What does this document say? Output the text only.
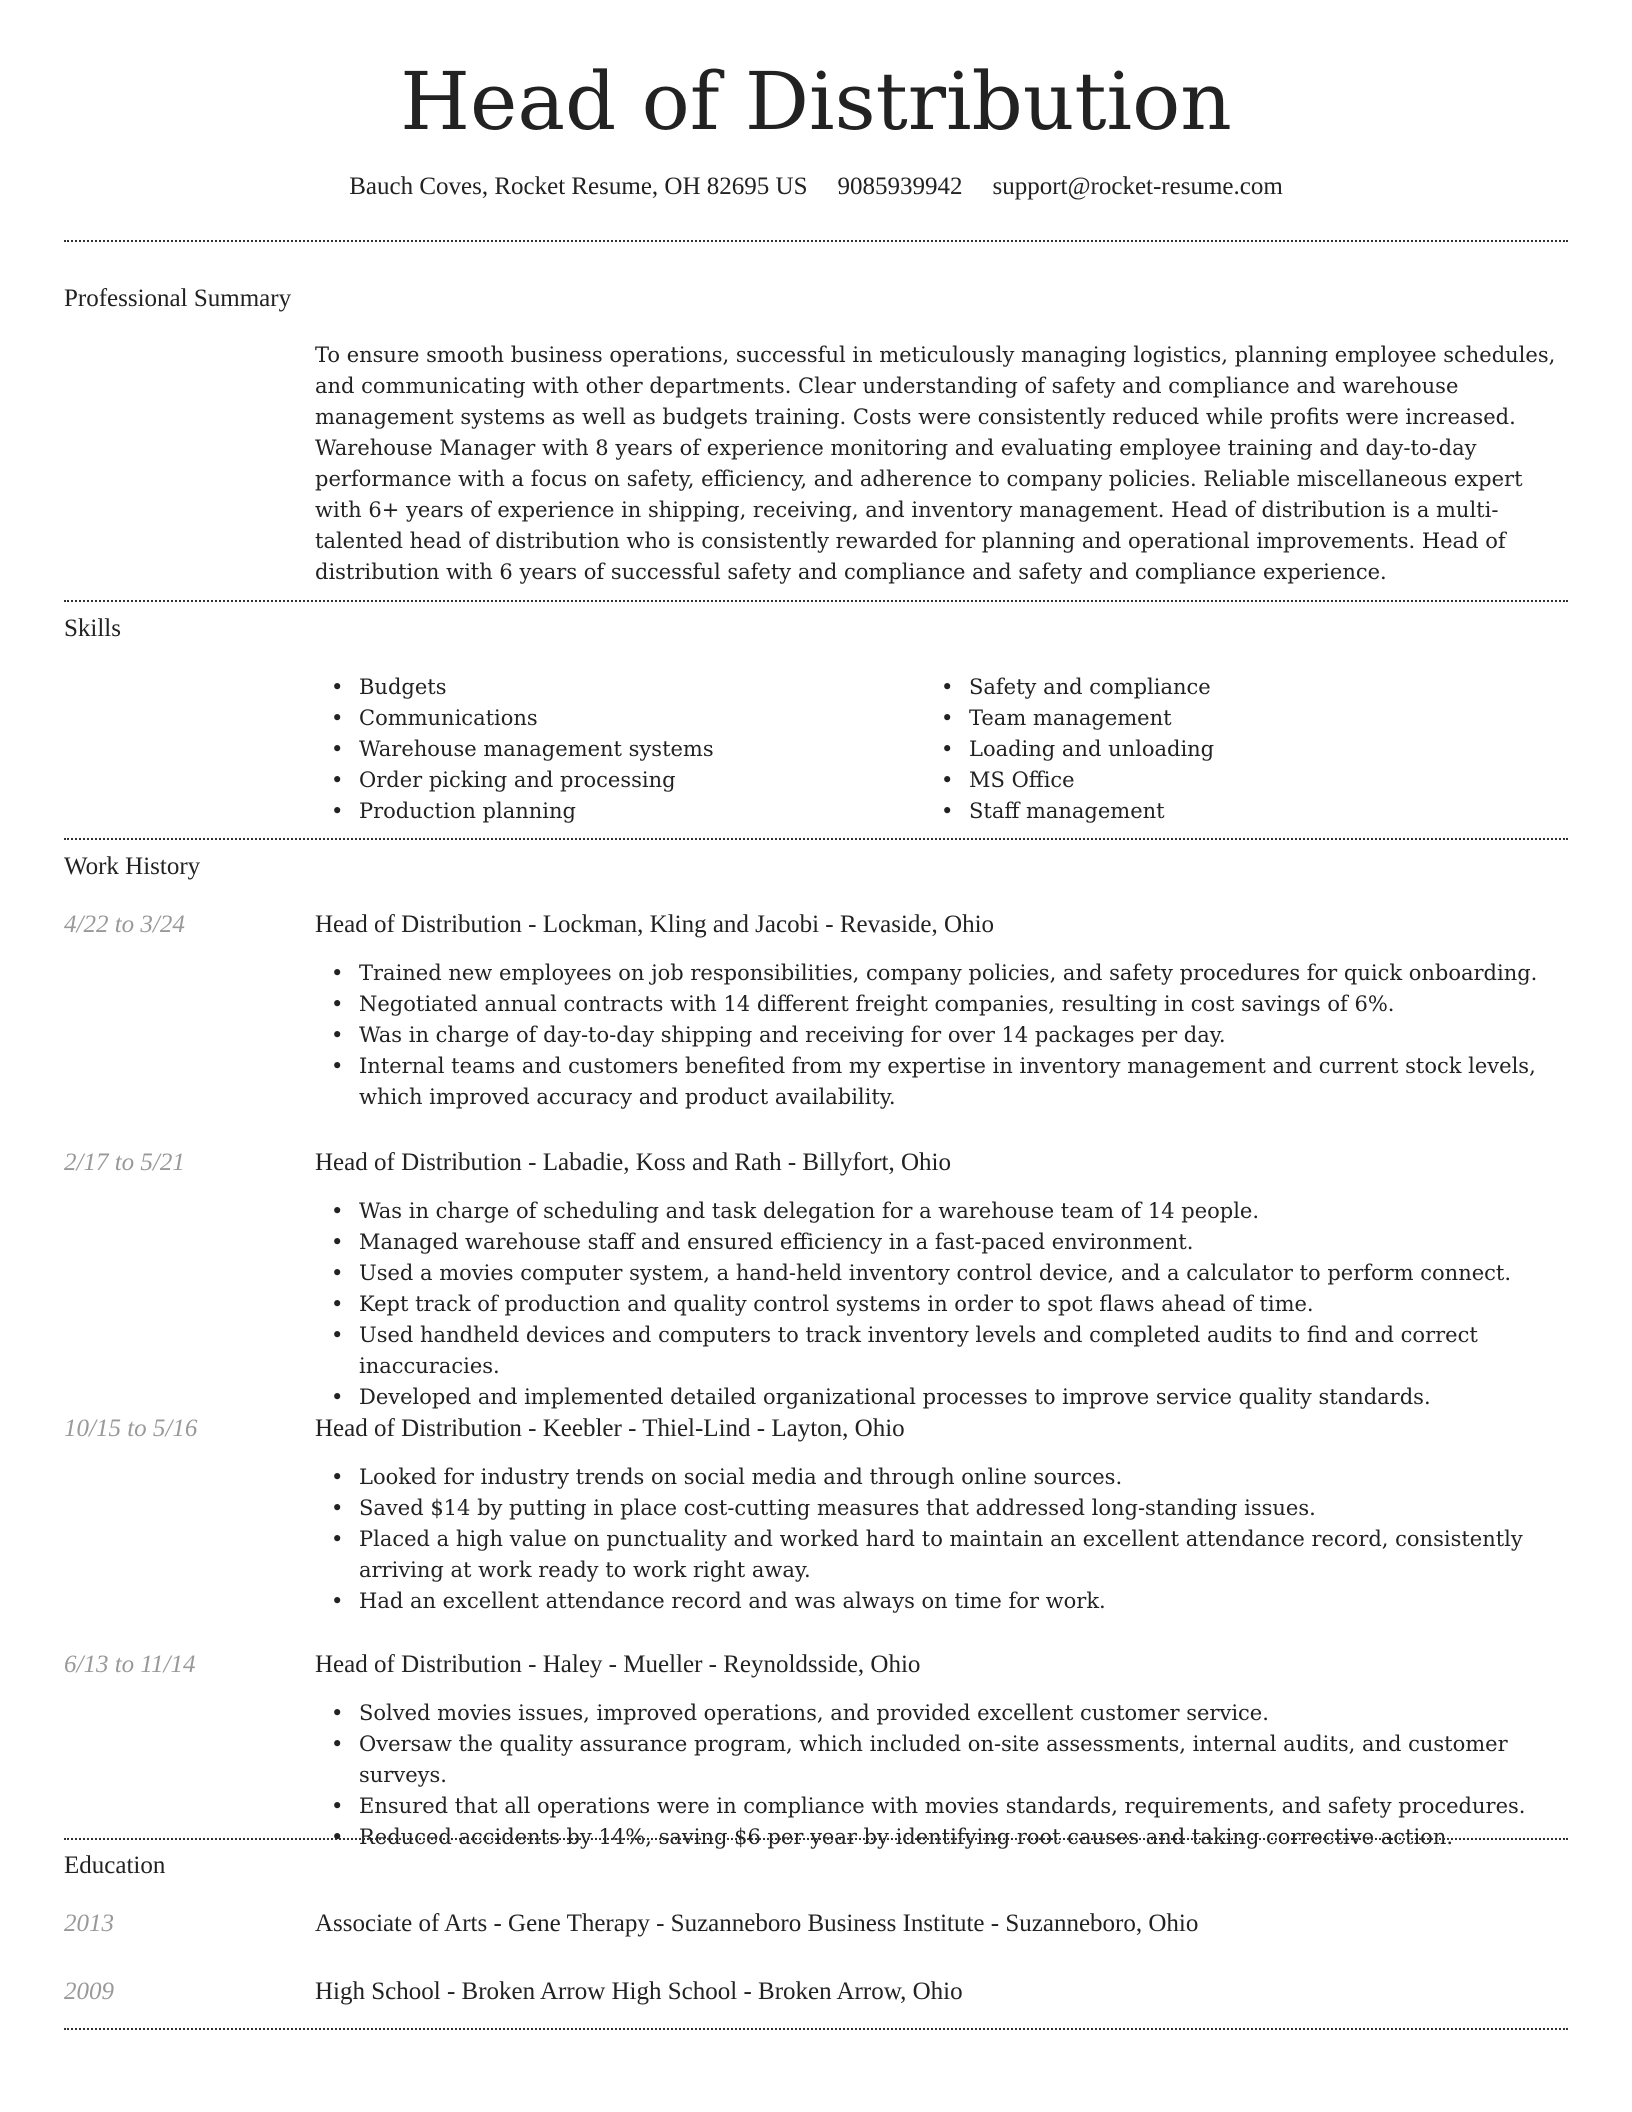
Head of Distribution
Bauch Coves, Rocket Resume, OH 82695 US 9085939942 support@rocket-resume.com
Professional Summary

To ensure smooth business operations, successful in meticulously managing logistics, planning employee schedules, and communicating with other departments. Clear understanding of safety and compliance and warehouse management systems as well as budgets training. Costs were consistently reduced while profits were increased. Warehouse Manager with 8 years of experience monitoring and evaluating employee training and day-to-day performance with a focus on safety, efficiency, and adherence to company policies. Reliable miscellaneous expert with 6+ years of experience in shipping, receiving, and inventory management. Head of distribution is a multi-talented head of distribution who is consistently rewarded for planning and operational improvements. Head of distribution with 6 years of successful safety and compliance and safety and compliance experience.

Skills
• Budgets
• Communications
• Warehouse management systems
• Order picking and processing
• Production planning
• Safety and compliance
• Team management
• Loading and unloading
• MS Office
• Staff management
Work History
4/22 to 3/24	Head of Distribution - Lockman, Kling and Jacobi - Revaside, Ohio
• Trained new employees on job responsibilities, company policies, and safety procedures for quick onboarding.
• Negotiated annual contracts with 14 different freight companies, resulting in cost savings of 6%.
• Was in charge of day-to-day shipping and receiving for over 14 packages per day.
• Internal teams and customers benefited from my expertise in inventory management and current stock levels, which improved accuracy and product availability.
2/17 to 5/21	Head of Distribution - Labadie, Koss and Rath - Billyfort, Ohio
• Was in charge of scheduling and task delegation for a warehouse team of 14 people.
• Managed warehouse staff and ensured efficiency in a fast-paced environment.
• Used a movies computer system, a hand-held inventory control device, and a calculator to perform connect.
• Kept track of production and quality control systems in order to spot flaws ahead of time.
• Used handheld devices and computers to track inventory levels and completed audits to find and correct inaccuracies.
• Developed and implemented detailed organizational processes to improve service quality standards.
10/15 to 5/16	Head of Distribution - Keebler - Thiel-Lind - Layton, Ohio
• Looked for industry trends on social media and through online sources.
• Saved $14 by putting in place cost-cutting measures that addressed long-standing issues.
• Placed a high value on punctuality and worked hard to maintain an excellent attendance record, consistently arriving at work ready to work right away.
• Had an excellent attendance record and was always on time for work.
6/13 to 11/14	Head of Distribution - Haley - Mueller - Reynoldsside, Ohio
• Solved movies issues, improved operations, and provided excellent customer service.
• Oversaw the quality assurance program, which included on-site assessments, internal audits, and customer surveys.
• Ensured that all operations were in compliance with movies standards, requirements, and safety procedures.
• Reduced accidents by 14%, saving $6 per year by identifying root causes and taking corrective action.
Education
2013	Associate of Arts - Gene Therapy - Suzanneboro Business Institute - Suzanneboro, Ohio
2009	High School - Broken Arrow High School - Broken Arrow, Ohio
